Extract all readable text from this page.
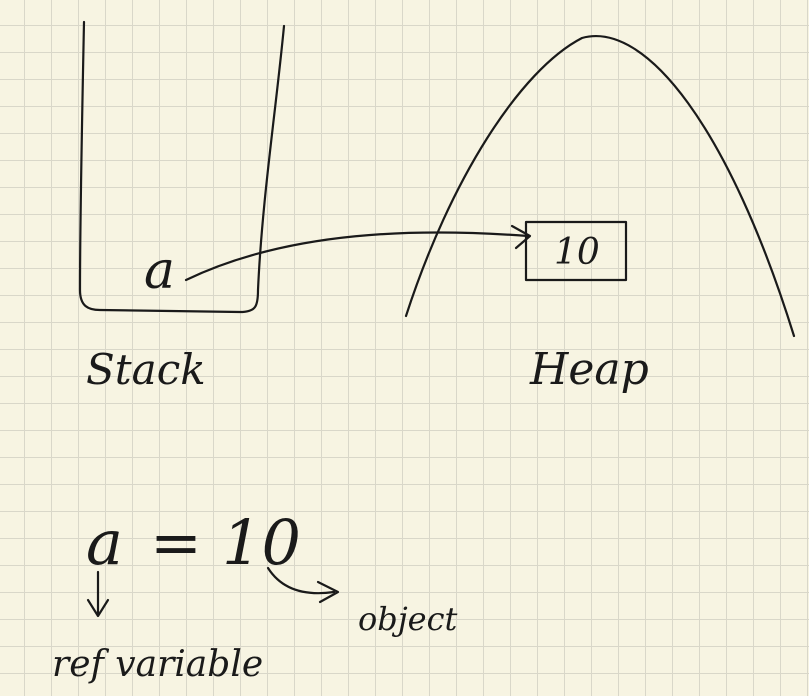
a
Stack
10
Heap
a = 10
ref variable
object
